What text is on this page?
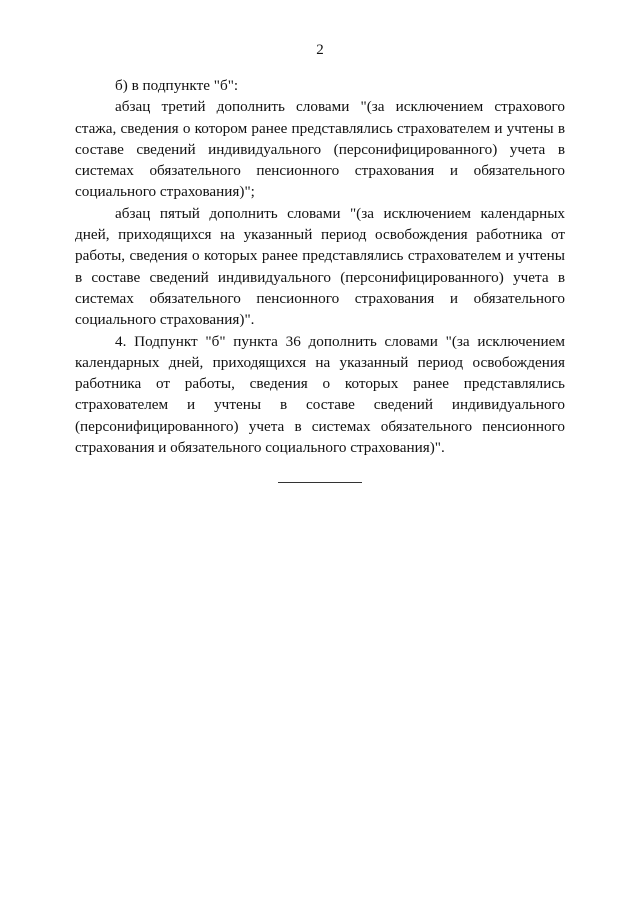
2

б) в подпункте "б":

абзац третий дополнить словами "(за исключением страхового стажа, сведения о котором ранее представлялись страхователем и учтены в составе сведений индивидуального (персонифицированного) учета в системах обязательного пенсионного страхования и обязательного социального страхования)";

абзац пятый дополнить словами "(за исключением календарных дней, приходящихся на указанный период освобождения работника от работы, сведения о которых ранее представлялись страхователем и учтены в составе сведений индивидуального (персонифицированного) учета в системах обязательного пенсионного страхования и обязательного социального страхования)".

4. Подпункт "б" пункта 36 дополнить словами "(за исключением календарных дней, приходящихся на указанный период освобождения работника от работы, сведения о которых ранее представлялись страхователем и учтены в составе сведений индивидуального (персонифицированного) учета в системах обязательного пенсионного страхования и обязательного социального страхования)".
